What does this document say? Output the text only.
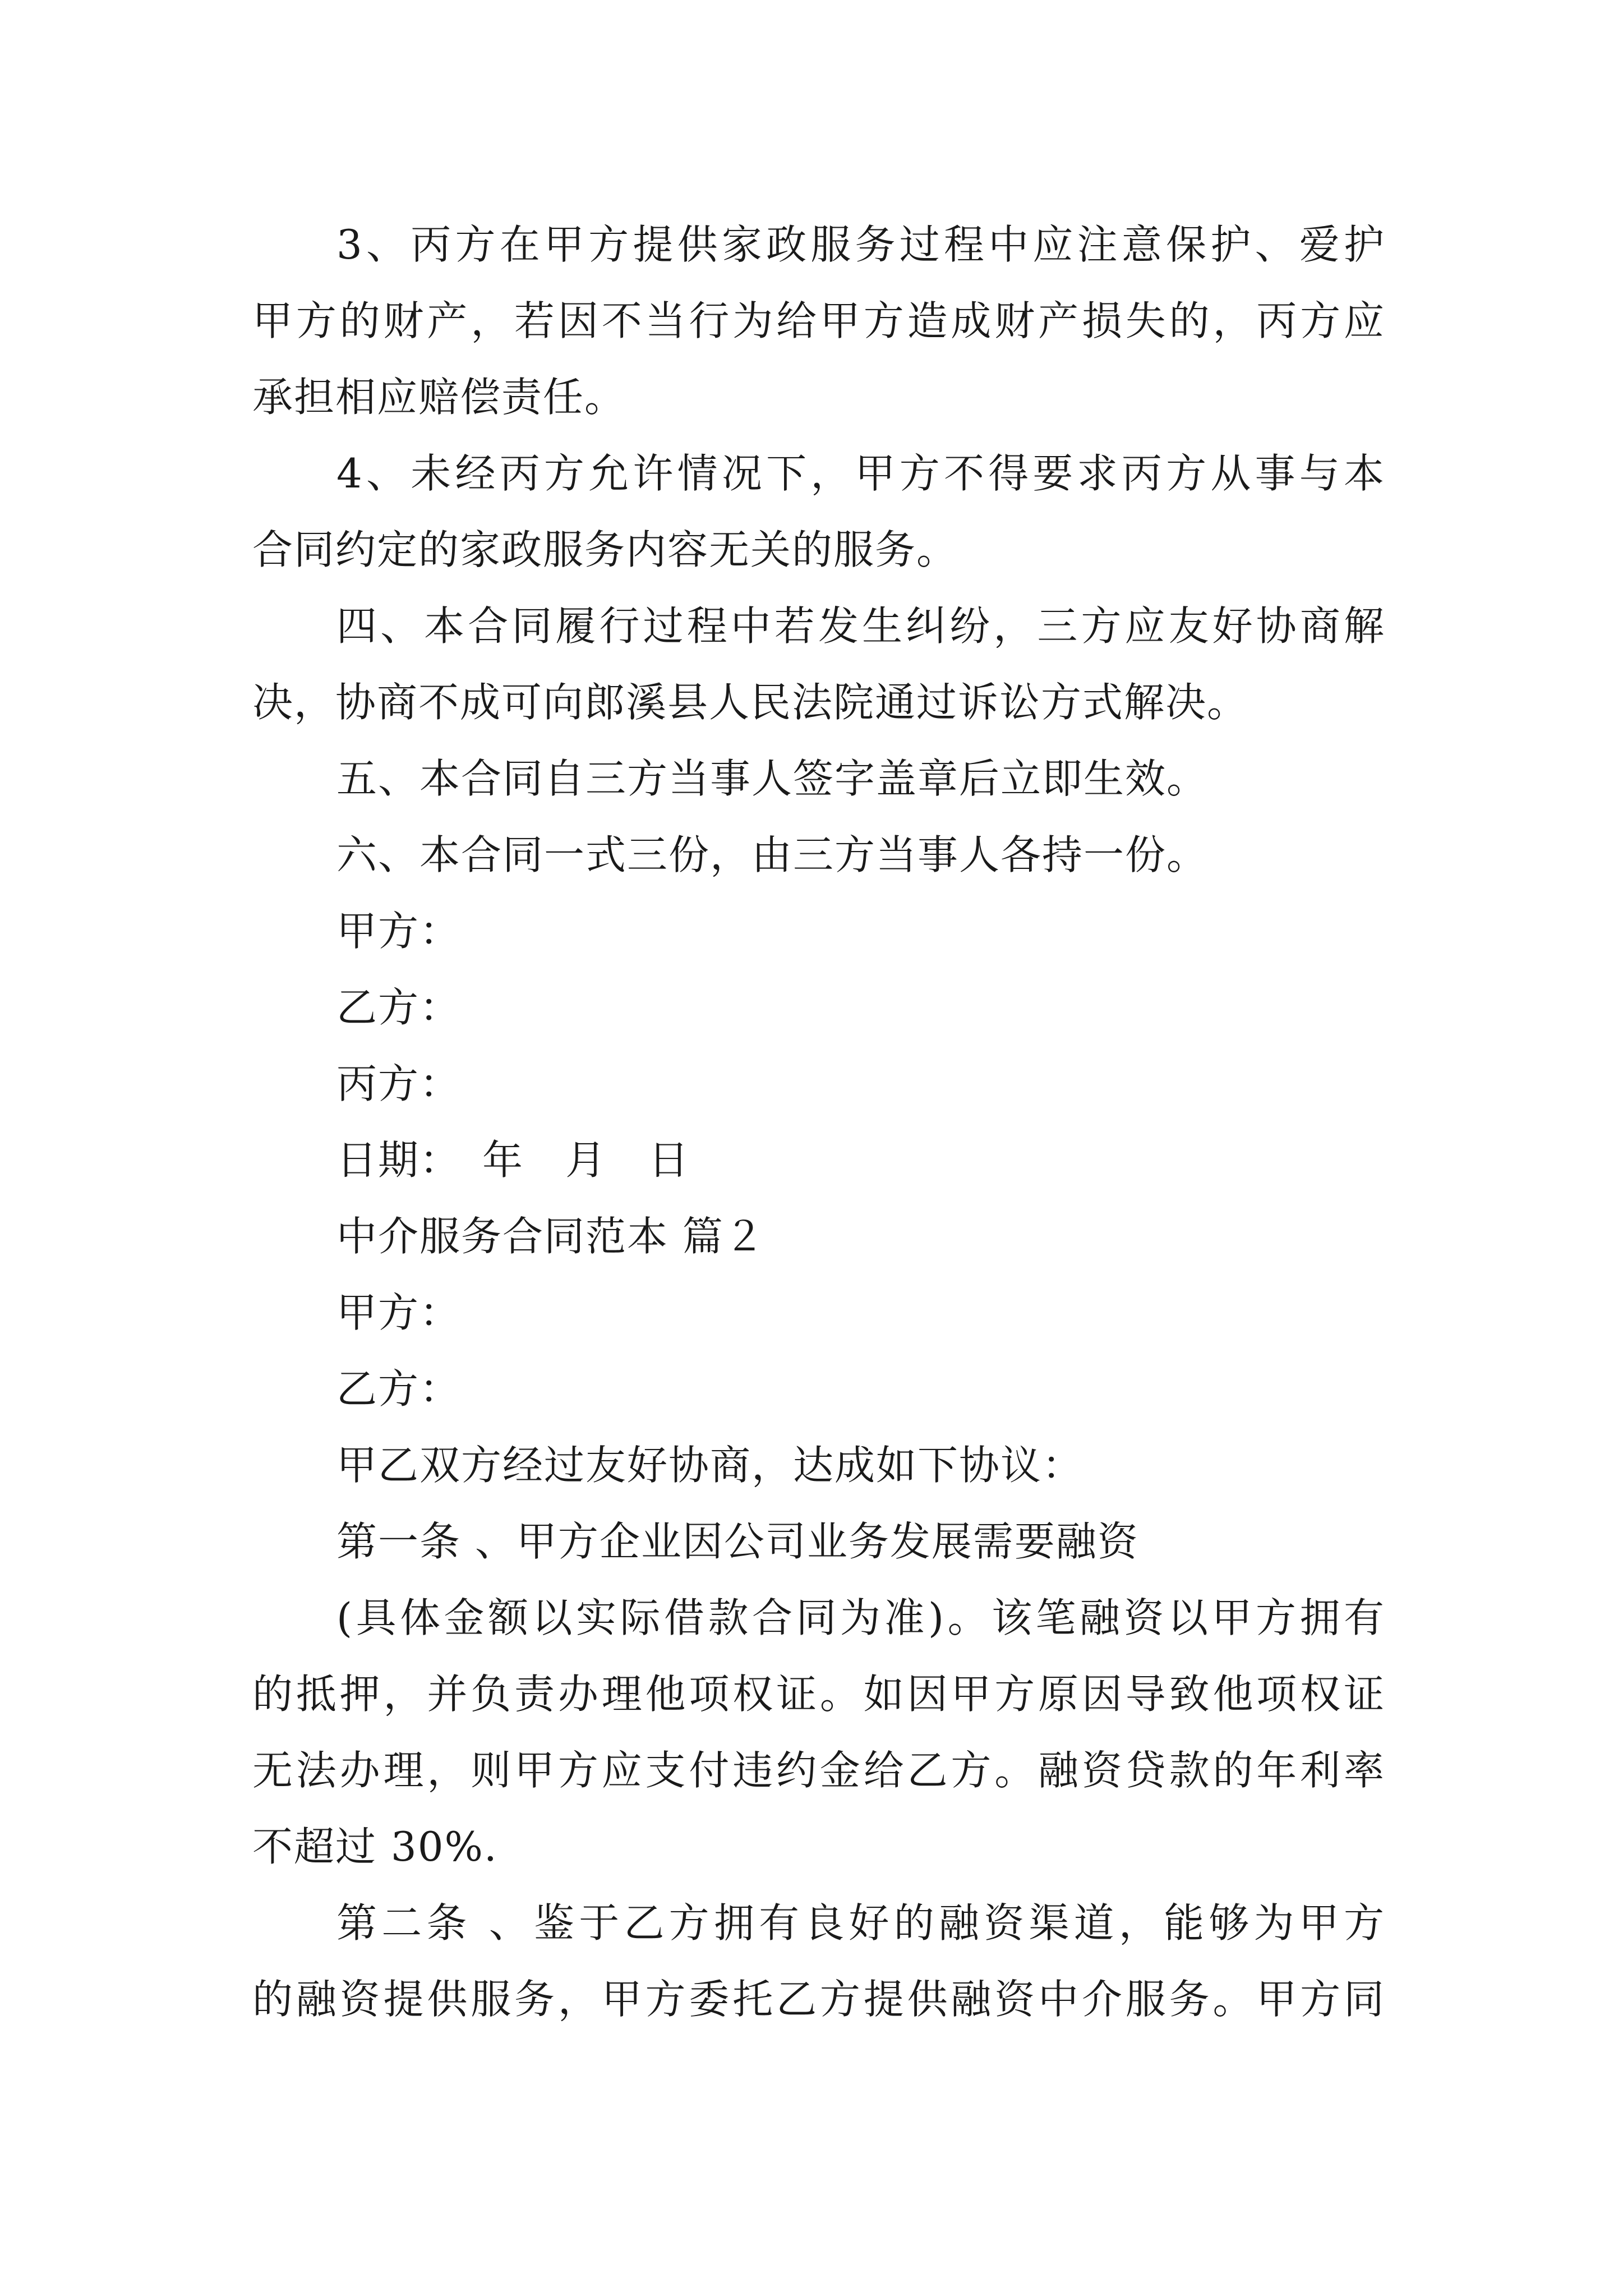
3、丙方在甲方提供家政服务过程中应注意保护、爱护
甲方的财产，若因不当行为给甲方造成财产损失的，丙方应
承担相应赔偿责任。
4、未经丙方允许情况下，甲方不得要求丙方从事与本
合同约定的家政服务内容无关的服务。
四、本合同履行过程中若发生纠纷，三方应友好协商解
决，协商不成可向郎溪县人民法院通过诉讼方式解决。
五、本合同自三方当事人签字盖章后立即生效。
六、本合同一式三份，由三方当事人各持一份。
甲方：
乙方：
丙方：
日期：　年　月　日
中介服务合同范本 篇２
甲方：
乙方：
甲乙双方经过友好协商，达成如下协议：
第一条 、甲方企业因公司业务发展需要融资
(具体金额以实际借款合同为准)。该笔融资以甲方拥有
的抵押，并负责办理他项权证。如因甲方原因导致他项权证
无法办理，则甲方应支付违约金给乙方。融资贷款的年利率
不超过 30%.
第二条 、鉴于乙方拥有良好的融资渠道，能够为甲方
的融资提供服务，甲方委托乙方提供融资中介服务。甲方同
